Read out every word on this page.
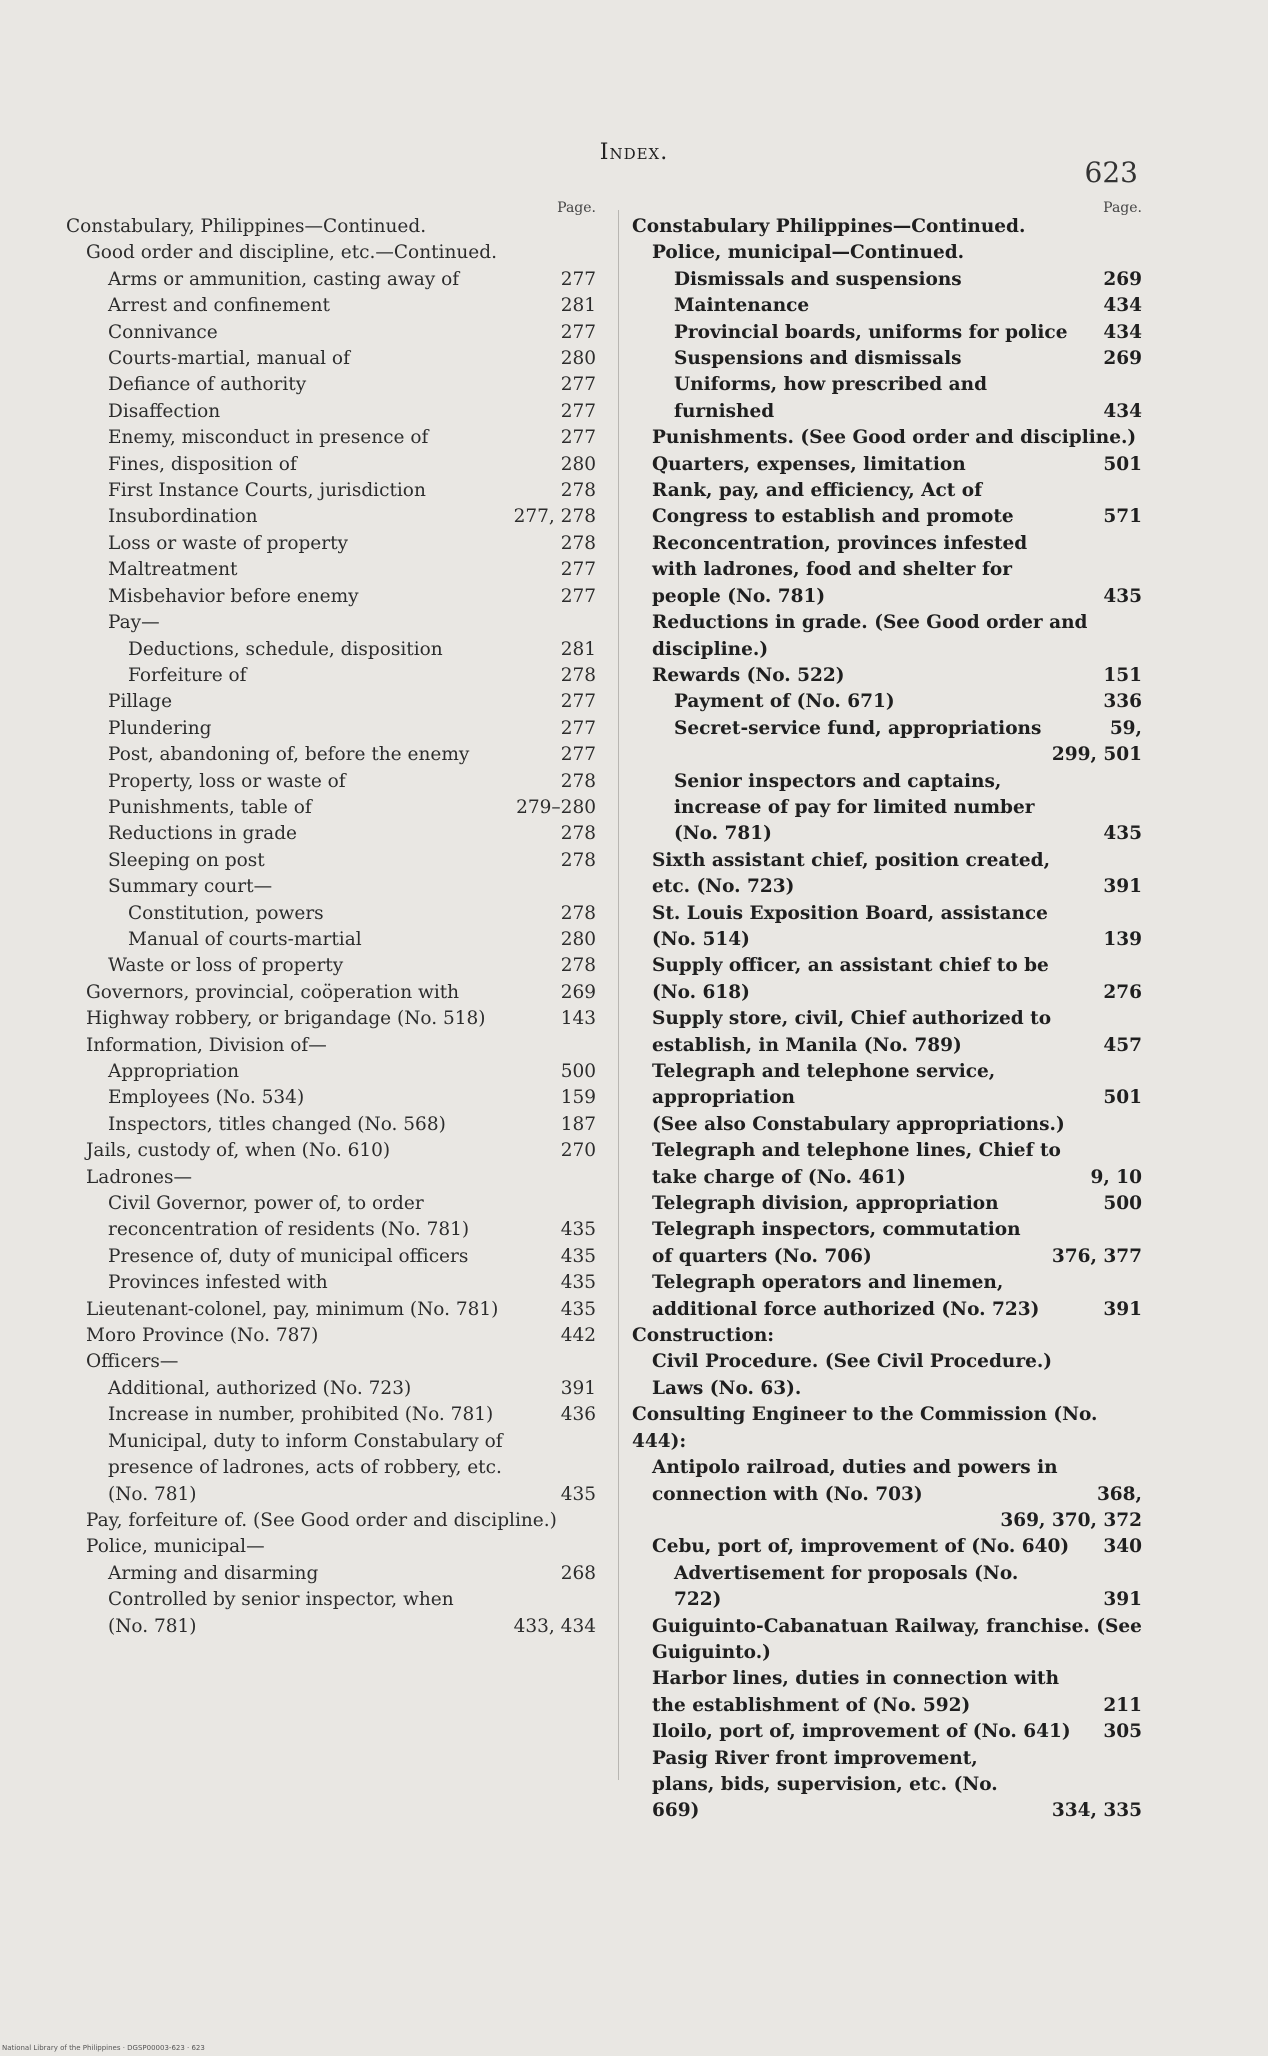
Index.
623
Page.
Constabulary, Philippines—Continued.
Good order and discipline, etc.—Continued.
Arms or ammunition, casting away of	277
Arrest and confinement	281
Connivance	277
Courts-martial, manual of	280
Defiance of authority	277
Disaffection	277
Enemy, misconduct in presence of	277
Fines, disposition of	280
First Instance Courts, jurisdiction	278
Insubordination	277, 278
Loss or waste of property	278
Maltreatment	277
Misbehavior before enemy	277
Pay—
Deductions, schedule, disposition	281
Forfeiture of	278
Pillage	277
Plundering	277
Post, abandoning of, before the enemy	277
Property, loss or waste of	278
Punishments, table of	279–280
Reductions in grade	278
Sleeping on post	278
Summary court—
Constitution, powers	278
Manual of courts-martial	280
Waste or loss of property	278
Governors, provincial, coöperation with	269
Highway robbery, or brigandage (No. 518)	143
Information, Division of—
Appropriation	500
Employees (No. 534)	159
Inspectors, titles changed (No. 568)	187
Jails, custody of, when (No. 610)	270
Ladrones—
Civil Governor, power of, to order reconcentration of residents (No. 781)	435
Presence of, duty of municipal officers	435
Provinces infested with	435
Lieutenant-colonel, pay, minimum (No. 781)	435
Moro Province (No. 787)	442
Officers—
Additional, authorized (No. 723)	391
Increase in number, prohibited (No. 781)	436
Municipal, duty to inform Constabulary of presence of ladrones, acts of robbery, etc. (No. 781)	435
Pay, forfeiture of. (See Good order and discipline.)
Police, municipal—
Arming and disarming	268
Controlled by senior inspector, when (No. 781)	433, 434
Page.
Constabulary Philippines—Continued.
Police, municipal—Continued.
Dismissals and suspensions	269
Maintenance	434
Provincial boards, uniforms for police	434
Suspensions and dismissals	269
Uniforms, how prescribed and furnished	434
Punishments. (See Good order and discipline.)
Quarters, expenses, limitation	501
Rank, pay, and efficiency, Act of Congress to establish and promote	571
Reconcentration, provinces infested with ladrones, food and shelter for people (No. 781)	435
Reductions in grade. (See Good order and discipline.)
Rewards (No. 522)	151
Payment of (No. 671)	336
Secret-service fund, appropriations	59,
299, 501
Senior inspectors and captains, increase of pay for limited number (No. 781)	435
Sixth assistant chief, position created, etc. (No. 723)	391
St. Louis Exposition Board, assistance (No. 514)	139
Supply officer, an assistant chief to be (No. 618)	276
Supply store, civil, Chief authorized to establish, in Manila (No. 789)	457
Telegraph and telephone service, appropriation	501
(See also Constabulary appropriations.)
Telegraph and telephone lines, Chief to take charge of (No. 461)	9, 10
Telegraph division, appropriation	500
Telegraph inspectors, commutation of quarters (No. 706)	376, 377
Telegraph operators and linemen, additional force authorized (No. 723)	391
Construction:
Civil Procedure. (See Civil Procedure.)
Laws (No. 63).
Consulting Engineer to the Commission (No. 444):
Antipolo railroad, duties and powers in connection with (No. 703)	368,
369, 370, 372
Cebu, port of, improvement of (No. 640)	340
Advertisement for proposals (No. 722)	391
Guiguinto-Cabanatuan Railway, franchise. (See Guiguinto.)
Harbor lines, duties in connection with the establishment of (No. 592)	211
Iloilo, port of, improvement of (No. 641)	305
Pasig River front improvement, plans, bids, supervision, etc. (No. 669)	334, 335
National Library of the Philippines · DGSP00003-623 · 623
